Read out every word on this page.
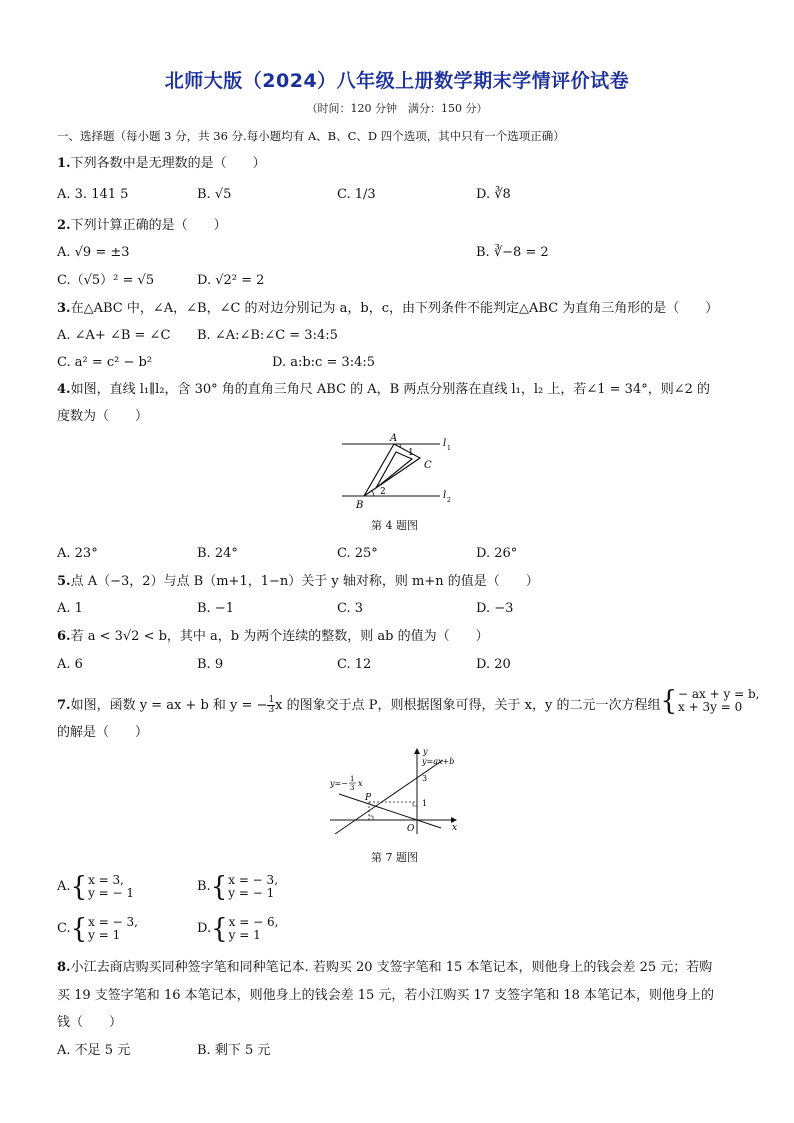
北师大版（2024）八年级上册数学期末学情评价试卷
（时间：120 分钟　满分：150 分）
一、选择题（每小题 3 分，共 36 分.每小题均有 A、B、C、D 四个选项，其中只有一个选项正确）
1.下列各数中是无理数的是（　　）
A. 3. 141 5	B. √5	C. 1/3	D. ∛8
2.下列计算正确的是（　　）
A. √9 = ±3	B. ∛−8 = 2
C.（√5）² = √5	D. √2² = 2
3.在△ABC 中，∠A，∠B，∠C 的对边分别记为 a，b，c，由下列条件不能判定△ABC 为直角三角形的是（　　）
A. ∠A+ ∠B = ∠C B. ∠A:∠B:∠C = 3:4:5
C. a² = c² − b²	D. a:b:c = 3:4:5
4.如图，直线 l₁∥l₂，含 30° 角的直角三角尺 ABC 的 A，B 两点分别落在直线 l₁，l₂ 上，若∠1 = 34°，则∠2 的
度数为（　　）
A
1
C
2
B
l 1
l 2
第 4 题图
A. 23°	B. 24°	C. 25°	D. 26°
5.点 A（−3，2）与点 B（m+1，1−n）关于 y 轴对称，则 m+n 的值是（　　）
A. 1	B. −1	C. 3	D. −3
6.若 a < 3√2 < b，其中 a，b 为两个连续的整数，则 ab 的值为（　　）
A. 6	B. 9	C. 12	D. 20
7.如图，函数 y = ax + b 和 y = − $\frac{1}{3}$ x 的图象交于点 P，则根据图象可得，关于 x，y 的二元一次方程组 { − ax + y = b,
x + 3y = 0
的解是（　　）
y
y=ax+b
3
1
P
O	x
y=− 1
3 x
第 7 题图
A. { x = 3,
y = − 1	B. { x = − 3,
y = − 1
C. { x = − 3,
y = 1	D. { x = − 6,
y = 1
8.小江去商店购买同种签字笔和同种笔记本. 若购买 20 支签字笔和 15 本笔记本，则他身上的钱会差 25 元；若购
买 19 支签字笔和 16 本笔记本，则他身上的钱会差 15 元，若小江购买 17 支签字笔和 18 本笔记本，则他身上的
钱（　　）
A. 不足 5 元	B. 剩下 5 元
